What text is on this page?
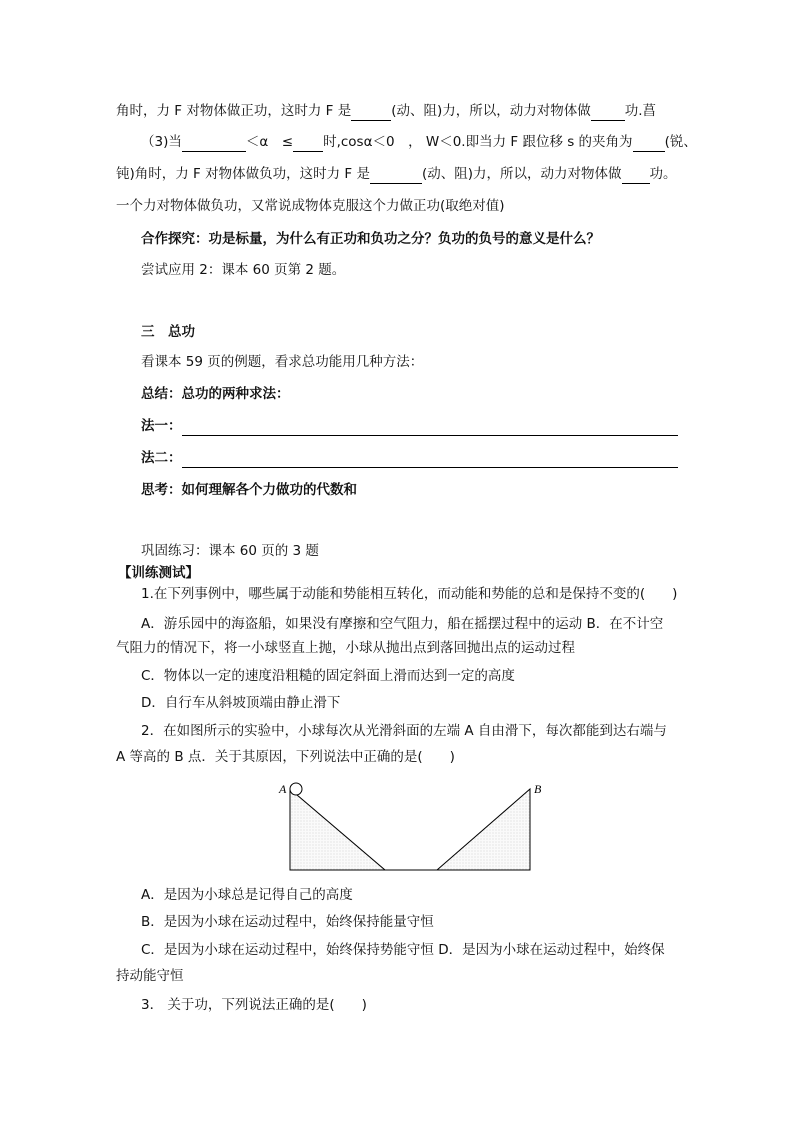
角时，力 F 对物体做正功，这时力 F 是	(动、阻)力，所以，动力对物体做	功.菖
（3)当	＜α　≤ 时,cosα＜0　， W＜0.即当力 F 跟位移 s 的夹角为 (锐、
钝)角时，力 F 对物体做负功，这时力 F 是	(动、阻)力，所以，动力对物体做 功。
一个力对物体做负功，又常说成物体克服这个力做正功(取绝对值)
合作探究：功是标量，为什么有正功和负功之分？负功的负号的意义是什么？
尝试应用 2：课本 60 页第 2 题。
三　总功
看课本 59 页的例题，看求总功能用几种方法：
总结：总功的两种求法：
法一：
法二：
思考：如何理解各个力做功的代数和
巩固练习：课本 60 页的 3 题
【训练测试】
1.在下列事例中，哪些属于动能和势能相互转化，而动能和势能的总和是保持不变的(　　)
A．游乐园中的海盗船，如果没有摩擦和空气阻力，船在摇摆过程中的运动 B．在不计空
气阻力的情况下，将一小球竖直上抛，小球从抛出点到落回抛出点的运动过程
C．物体以一定的速度沿粗糙的固定斜面上滑而达到一定的高度
D．自行车从斜坡顶端由静止滑下
2．在如图所示的实验中，小球每次从光滑斜面的左端 A 自由滑下，每次都能到达右端与
A 等高的 B 点．关于其原因，下列说法中正确的是(　　)
A	B
A．是因为小球总是记得自己的高度
B．是因为小球在运动过程中，始终保持能量守恒
C．是因为小球在运动过程中，始终保持势能守恒 D．是因为小球在运动过程中，始终保
持动能守恒
3． 关于功，下列说法正确的是(　　)
